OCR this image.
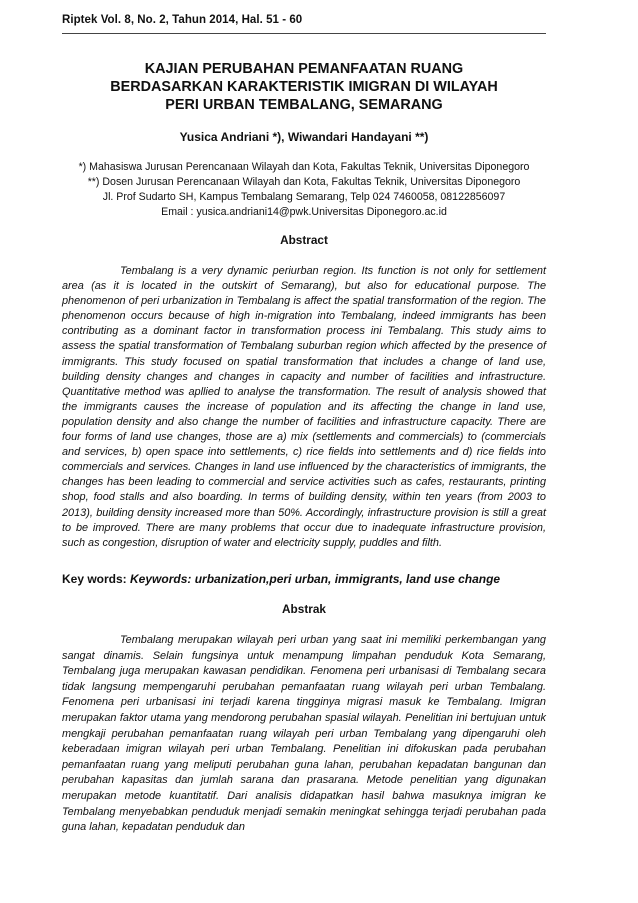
Riptek Vol. 8, No. 2, Tahun 2014, Hal. 51 - 60
KAJIAN PERUBAHAN PEMANFAATAN RUANG
BERDASARKAN KARAKTERISTIK IMIGRAN DI WILAYAH
PERI URBAN TEMBALANG, SEMARANG
Yusica Andriani *), Wiwandari Handayani **)
*) Mahasiswa Jurusan Perencanaan Wilayah dan Kota, Fakultas Teknik, Universitas Diponegoro
**) Dosen Jurusan Perencanaan Wilayah dan Kota, Fakultas Teknik, Universitas Diponegoro
Jl. Prof Sudarto SH, Kampus Tembalang Semarang, Telp 024 7460058, 08122856097
Email : yusica.andriani14@pwk.Universitas Diponegoro.ac.id
Abstract

Tembalang is a very dynamic periurban region. Its function is not only for settlement area (as it is located in the outskirt of Semarang), but also for educational purpose. The phenomenon of peri urbanization in Tembalang is affect the spatial transformation of the region. The phenomenon occurs because of high in-migration into Tembalang, indeed immigrants has been contributing as a dominant factor in transformation process ini Tembalang. This study aims to assess the spatial transformation of Tembalang suburban region which affected by the presence of immigrants. This study focused on spatial transformation that includes a change of land use, building density changes and changes in capacity and number of facilities and infrastructure. Quantitative method was apllied to analyse the transformation. The result of analysis showed that the immigrants causes the increase of population and its affecting the change in land use, population density and also change the number of facilities and infrastructure capacity. There are four forms of land use changes, those are a) mix (settlements and commercials) to (commercials and services, b) open space into settlements, c) rice fields into settlements and d) rice fields into commercials and services. Changes in land use influenced by the characteristics of immigrants, the changes has been leading to commercial and service activities such as cafes, restaurants, printing shop, food stalls and also boarding. In terms of building density, within ten years (from 2003 to 2013), building density increased more than 50%. Accordingly, infrastructure provision is still a great to be improved. There are many problems that occur due to inadequate infrastructure provision, such as congestion, disruption of water and electricity supply, puddles and filth.

Key words: Keywords: urbanization,peri urban, immigrants, land use change
Abstrak

Tembalang merupakan wilayah peri urban yang saat ini memiliki perkembangan yang sangat dinamis. Selain fungsinya untuk menampung limpahan penduduk Kota Semarang, Tembalang juga merupakan kawasan pendidikan. Fenomena peri urbanisasi di Tembalang secara tidak langsung mempengaruhi perubahan pemanfaatan ruang wilayah peri urban Tembalang. Fenomena peri urbanisasi ini terjadi karena tingginya migrasi masuk ke Tembalang. Imigran merupakan faktor utama yang mendorong perubahan spasial wilayah. Penelitian ini bertujuan untuk mengkaji perubahan pemanfaatan ruang wilayah peri urban Tembalang yang dipengaruhi oleh keberadaan imigran wilayah peri urban Tembalang. Penelitian ini difokuskan pada perubahan pemanfaatan ruang yang meliputi perubahan guna lahan, perubahan kepadatan bangunan dan perubahan kapasitas dan jumlah sarana dan prasarana. Metode penelitian yang digunakan merupakan metode kuantitatif. Dari analisis didapatkan hasil bahwa masuknya imigran ke Tembalang menyebabkan penduduk menjadi semakin meningkat sehingga terjadi perubahan pada guna lahan, kepadatan penduduk dan
